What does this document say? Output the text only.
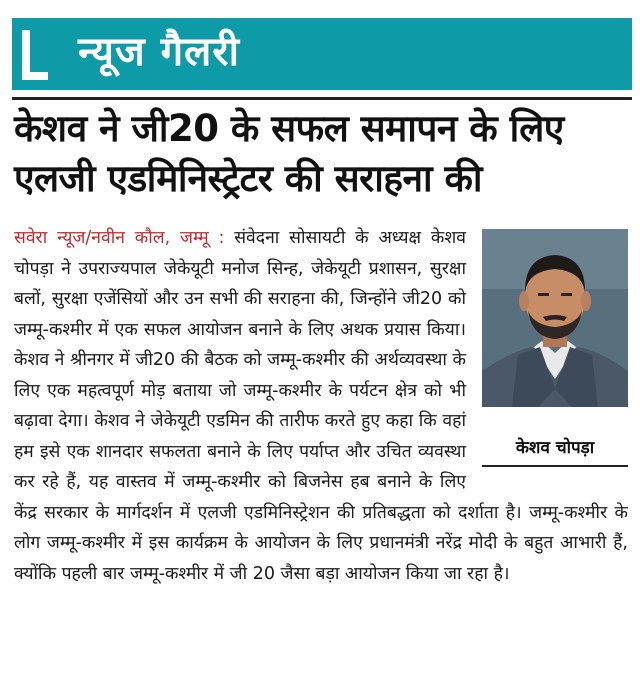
न्यूज गैलरी
केशव ने जी20 के सफल समापन के लिए
एलजी एडमिनिस्ट्रेटर की सराहना की
सवेरा न्यूज/नवीन कौल, जम्मू : संवेदना सोसायटी के अध्यक्ष केशव चोपड़ा ने उपराज्यपाल जेकेयूटी मनोज सिन्ह, जेकेयूटी प्रशासन, सुरक्षा बलों, सुरक्षा एजेंसियों और उन सभी की सराहना की, जिन्होंने जी20 को जम्मू-कश्मीर में एक सफल आयोजन बनाने के लिए अथक प्रयास किया। केशव ने श्रीनगर में जी20 की बैठक को जम्मू-कश्मीर की अर्थव्यवस्था के लिए एक महत्वपूर्ण मोड़ बताया जो जम्मू-कश्मीर के पर्यटन क्षेत्र को भी बढ़ावा देगा। केशव ने जेकेयूटी एडमिन की तारीफ करते हुए कहा कि वहां हम इसे एक शानदार सफलता बनाने के लिए पर्याप्त और उचित व्यवस्था कर रहे हैं, यह वास्तव में जम्मू-कश्मीर को बिजनेस हब बनाने के लिए केंद्र सरकार के मार्गदर्शन में एलजी एडमिनिस्ट्रेशन की प्रतिबद्धता को दर्शाता है। जम्मू-कश्मीर के लोग जम्मू-कश्मीर में इस कार्यक्रम के आयोजन के लिए प्रधानमंत्री नरेंद्र मोदी के बहुत आभारी हैं, क्योंकि पहली बार जम्मू-कश्मीर में जी 20 जैसा बड़ा आयोजन किया जा रहा है।
केशव चोपड़ा
